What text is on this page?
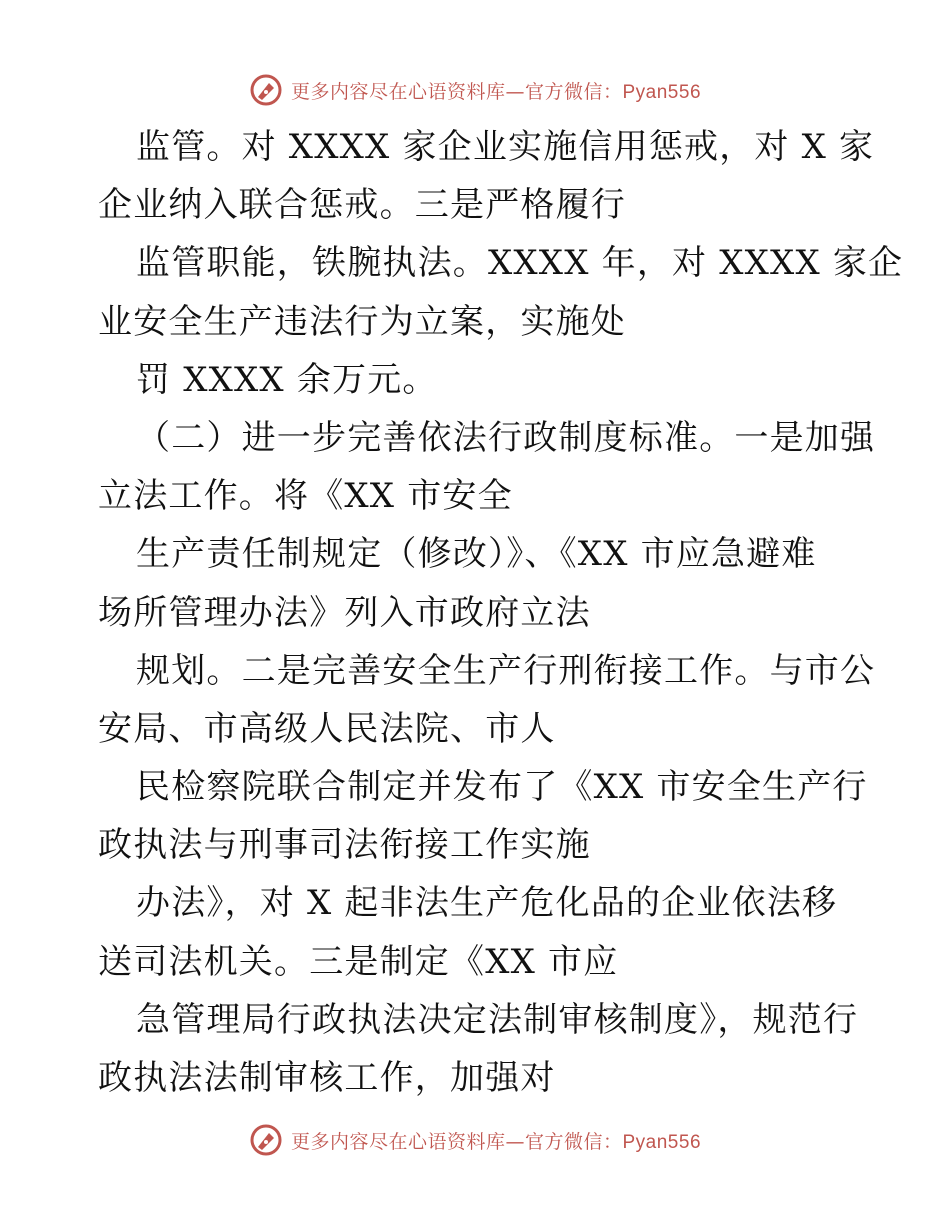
更多内容尽在心语资料库—官方微信：Pyan556
监管。对 XXXX 家企业实施信用惩戒，对 X 家
企业纳入联合惩戒。三是严格履行
监管职能，铁腕执法。XXXX 年，对 XXXX 家企
业安全生产违法行为立案，实施处
罚 XXXX 余万元。
（二）进一步完善依法行政制度标准。一是加强
立法工作。将《XX 市安全
生产责任制规定（修改）》、《XX 市应急避难
场所管理办法》列入市政府立法
规划。二是完善安全生产行刑衔接工作。与市公
安局、市高级人民法院、市人
民检察院联合制定并发布了《XX 市安全生产行
政执法与刑事司法衔接工作实施
办法》，对 X 起非法生产危化品的企业依法移
送司法机关。三是制定《XX 市应
急管理局行政执法决定法制审核制度》，规范行
政执法法制审核工作，加强对
更多内容尽在心语资料库—官方微信：Pyan556
